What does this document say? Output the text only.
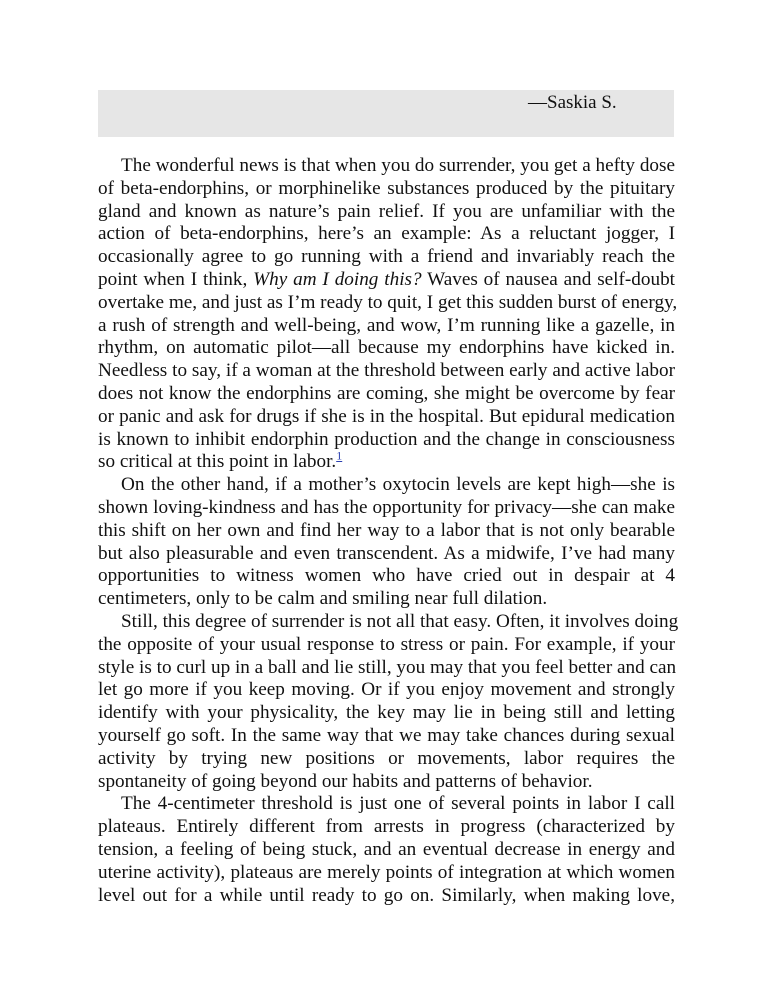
—Saskia S.

The wonderful news is that when you do surrender, you get a hefty dose
of beta-endorphins, or morphinelike substances produced by the pituitary
gland and known as nature’s pain relief. If you are unfamiliar with the
action of beta-endorphins, here’s an example: As a reluctant jogger, I
occasionally agree to go running with a friend and invariably reach the
point when I think, Why am I doing this? Waves of nausea and self-doubt
overtake me, and just as I’m ready to quit, I get this sudden burst of energy,
a rush of strength and well-being, and wow, I’m running like a gazelle, in
rhythm, on automatic pilot—all because my endorphins have kicked in.
Needless to say, if a woman at the threshold between early and active labor
does not know the endorphins are coming, she might be overcome by fear
or panic and ask for drugs if she is in the hospital. But epidural medication
is known to inhibit endorphin production and the change in consciousness
so critical at this point in labor.$^1$

On the other hand, if a mother’s oxytocin levels are kept high—she is
shown loving-kindness and has the opportunity for privacy—she can make
this shift on her own and find her way to a labor that is not only bearable
but also pleasurable and even transcendent. As a midwife, I’ve had many
opportunities to witness women who have cried out in despair at 4
centimeters, only to be calm and smiling near full dilation.

Still, this degree of surrender is not all that easy. Often, it involves doing
the opposite of your usual response to stress or pain. For example, if your
style is to curl up in a ball and lie still, you may that you feel better and can
let go more if you keep moving. Or if you enjoy movement and strongly
identify with your physicality, the key may lie in being still and letting
yourself go soft. In the same way that we may take chances during sexual
activity by trying new positions or movements, labor requires the
spontaneity of going beyond our habits and patterns of behavior.

The 4-centimeter threshold is just one of several points in labor I call
plateaus. Entirely different from arrests in progress (characterized by
tension, a feeling of being stuck, and an eventual decrease in energy and
uterine activity), plateaus are merely points of integration at which women
level out for a while until ready to go on. Similarly, when making love,
